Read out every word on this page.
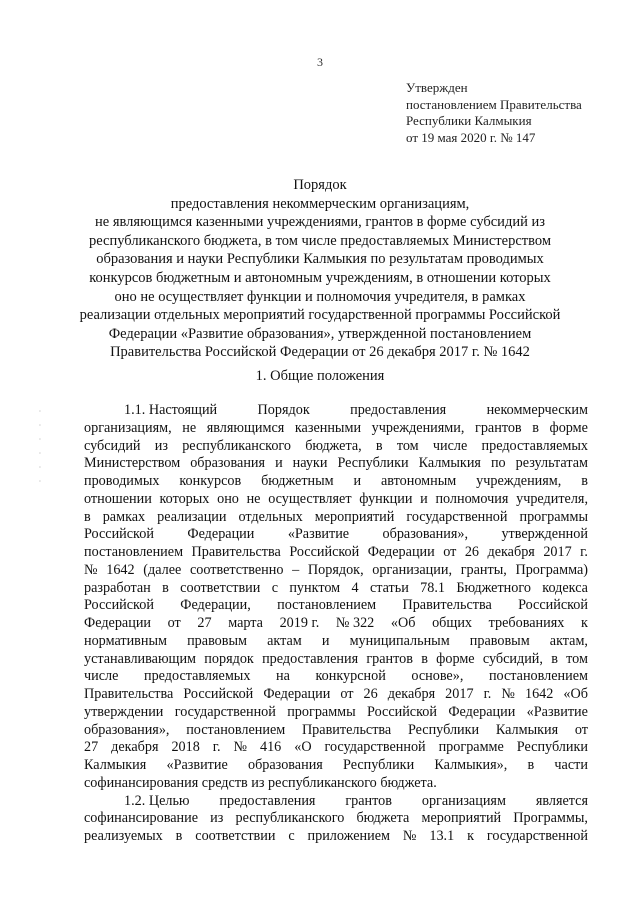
3
Утвержден
постановлением Правительства
Республики Калмыкия
от 19 мая 2020 г. № 147
Порядок
предоставления некоммерческим организациям,
не являющимся казенными учреждениями, грантов в форме субсидий из
республиканского бюджета, в том числе предоставляемых Министерством
образования и науки Республики Калмыкия по результатам проводимых
конкурсов бюджетным и автономным учреждениям, в отношении которых
оно не осуществляет функции и полномочия учредителя, в рамках
реализации отдельных мероприятий государственной программы Российской
Федерации «Развитие образования», утвержденной постановлением
Правительства Российской Федерации от 26 декабря 2017 г. № 1642
1. Общие положения
·
·
·
·
·
·
1.1. Настоящий	Порядок	предоставления	некоммерческим
организациям, не являющимся казенными учреждениями, грантов в форме
субсидий из республиканского бюджета, в том числе предоставляемых
Министерством образования и науки Республики Калмыкия по результатам
проводимых конкурсов бюджетным и автономным учреждениям, в
отношении которых оно не осуществляет функции и полномочия учредителя,
в рамках реализации отдельных мероприятий государственной программы
Российской Федерации «Развитие образования», утвержденной
постановлением Правительства Российской Федерации от 26 декабря 2017 г.
№ 1642 (далее соответственно – Порядок, организации, гранты, Программа)
разработан в соответствии с пунктом 4 статьи 78.1 Бюджетного кодекса
Российской Федерации, постановлением Правительства Российской
Федерации от 27 марта 2019 г. № 322 «Об общих требованиях к
нормативным правовым актам и муниципальным правовым актам,
устанавливающим порядок предоставления грантов в форме субсидий, в том
числе предоставляемых на конкурсной основе», постановлением
Правительства Российской Федерации от 26 декабря 2017 г. № 1642 «Об
утверждении государственной программы Российской Федерации «Развитие
образования», постановлением Правительства Республики Калмыкия от
27 декабря 2018 г. № 416 «О государственной программе Республики
Калмыкия «Развитие образования Республики Калмыкия», в части
софинансирования средств из республиканского бюджета.
1.2. Целью предоставления грантов организациям является
софинансирование из республиканского бюджета мероприятий Программы,
реализуемых в соответствии с приложением № 13.1 к государственной
